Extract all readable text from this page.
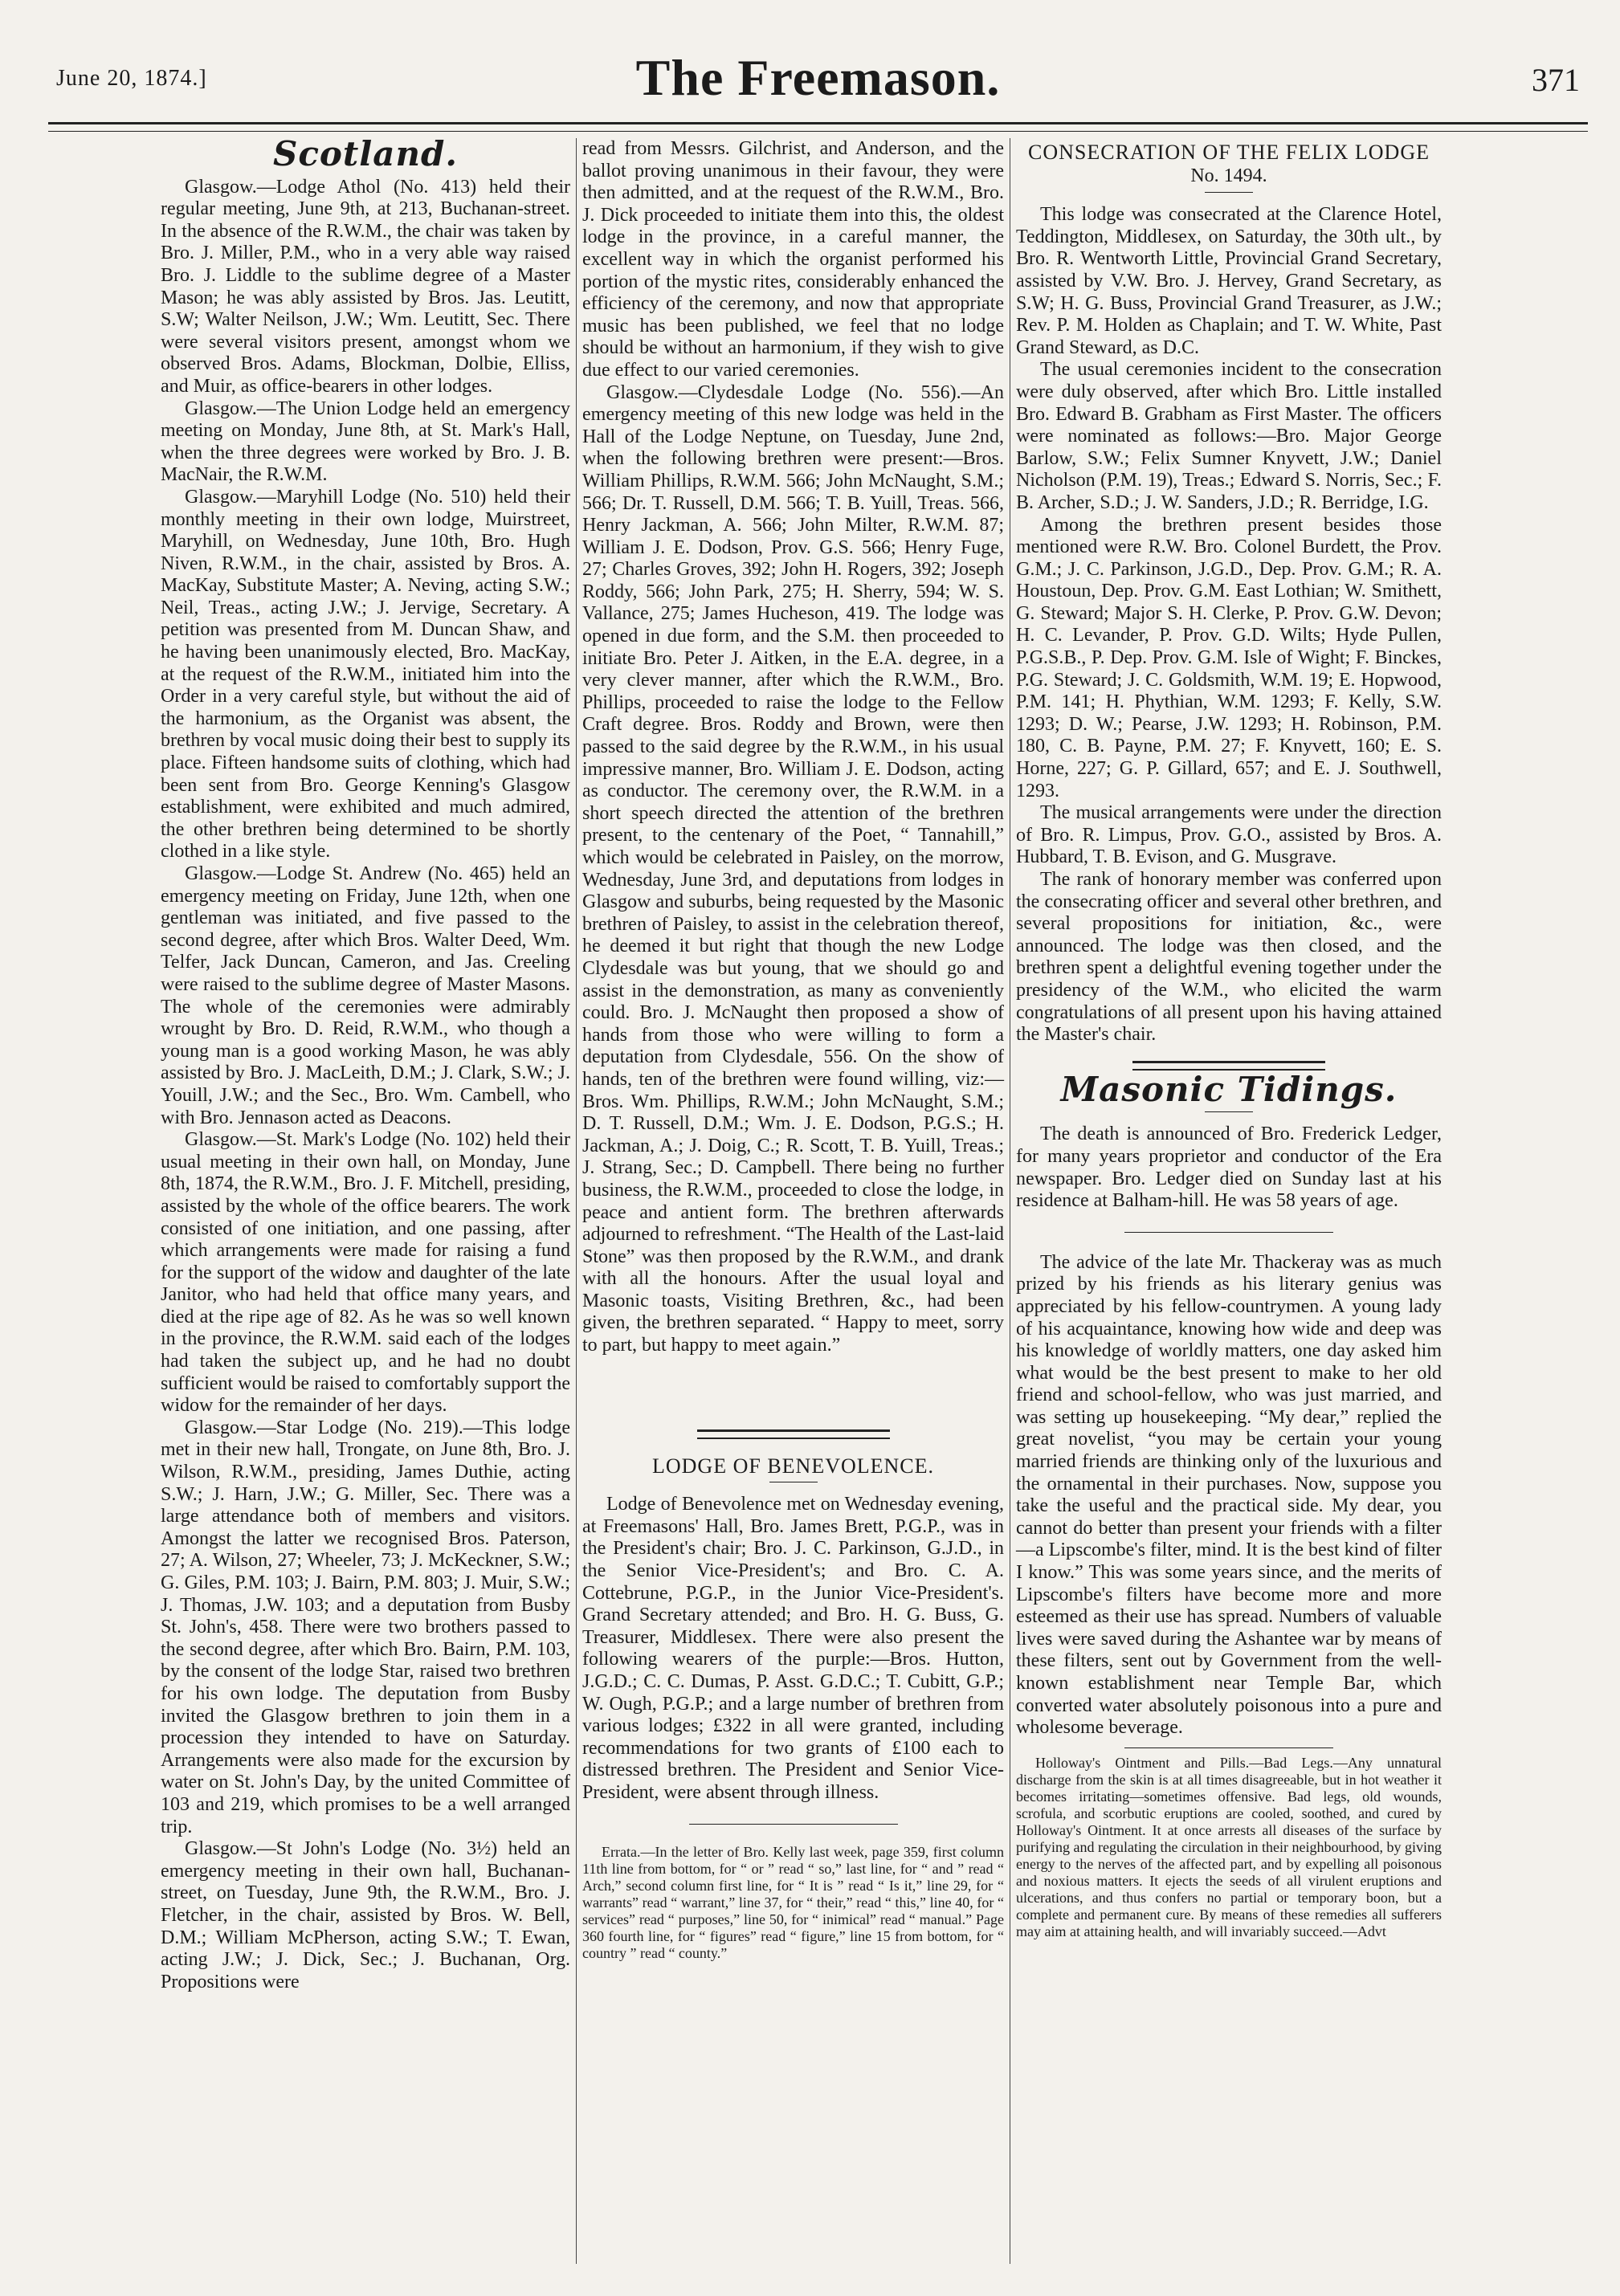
June 20, 1874.]	The Freemason.	371
Scotland.

Glasgow.—Lodge Athol (No. 413) held their regular meeting, June 9th, at 213, Buchanan-street. In the absence of the R.W.M., the chair was taken by Bro. J. Miller, P.M., who in a very able way raised Bro. J. Liddle to the sublime degree of a Master Mason; he was ably assisted by Bros. Jas. Leutitt, S.W; Walter Neilson, J.W.; Wm. Leutitt, Sec. There were several visitors present, amongst whom we observed Bros. Adams, Blockman, Dolbie, Elliss, and Muir, as office-bearers in other lodges.

Glasgow.—The Union Lodge held an emergency meeting on Monday, June 8th, at St. Mark's Hall, when the three degrees were worked by Bro. J. B. MacNair, the R.W.M.

Glasgow.—Maryhill Lodge (No. 510) held their monthly meeting in their own lodge, Muirstreet, Maryhill, on Wednesday, June 10th, Bro. Hugh Niven, R.W.M., in the chair, assisted by Bros. A. MacKay, Substitute Master; A. Neving, acting S.W.; Neil, Treas., acting J.W.; J. Jervige, Secretary. A petition was presented from M. Duncan Shaw, and he having been unanimously elected, Bro. MacKay, at the request of the R.W.M., initiated him into the Order in a very careful style, but without the aid of the harmonium, as the Organist was absent, the brethren by vocal music doing their best to supply its place. Fifteen handsome suits of clothing, which had been sent from Bro. George Kenning's Glasgow establishment, were exhibited and much admired, the other brethren being determined to be shortly clothed in a like style.

Glasgow.—Lodge St. Andrew (No. 465) held an emergency meeting on Friday, June 12th, when one gentleman was initiated, and five passed to the second degree, after which Bros. Walter Deed, Wm. Telfer, Jack Duncan, Cameron, and Jas. Creeling were raised to the sublime degree of Master Masons. The whole of the ceremonies were admirably wrought by Bro. D. Reid, R.W.M., who though a young man is a good working Mason, he was ably assisted by Bro. J. MacLeith, D.M.; J. Clark, S.W.; J. Youill, J.W.; and the Sec., Bro. Wm. Cambell, who with Bro. Jennason acted as Deacons.

Glasgow.—St. Mark's Lodge (No. 102) held their usual meeting in their own hall, on Monday, June 8th, 1874, the R.W.M., Bro. J. F. Mitchell, presiding, assisted by the whole of the office bearers. The work consisted of one initiation, and one passing, after which arrangements were made for raising a fund for the support of the widow and daughter of the late Janitor, who had held that office many years, and died at the ripe age of 82. As he was so well known in the province, the R.W.M. said each of the lodges had taken the subject up, and he had no doubt sufficient would be raised to comfortably support the widow for the remainder of her days.

Glasgow.—Star Lodge (No. 219).—This lodge met in their new hall, Trongate, on June 8th, Bro. J. Wilson, R.W.M., presiding, James Duthie, acting S.W.; J. Harn, J.W.; G. Miller, Sec. There was a large attendance both of members and visitors. Amongst the latter we recognised Bros. Paterson, 27; A. Wilson, 27; Wheeler, 73; J. McKeckner, S.W.; G. Giles, P.M. 103; J. Bairn, P.M. 803; J. Muir, S.W.; J. Thomas, J.W. 103; and a deputation from Busby St. John's, 458. There were two brothers passed to the second degree, after which Bro. Bairn, P.M. 103, by the consent of the lodge Star, raised two brethren for his own lodge. The deputation from Busby invited the Glasgow brethren to join them in a procession they intended to have on Saturday. Arrangements were also made for the excursion by water on St. John's Day, by the united Committee of 103 and 219, which promises to be a well arranged trip.

Glasgow.—St John's Lodge (No. 3½) held an emergency meeting in their own hall, Buchanan-street, on Tuesday, June 9th, the R.W.M., Bro. J. Fletcher, in the chair, assisted by Bros. W. Bell, D.M.; William McPherson, acting S.W.; T. Ewan, acting J.W.; J. Dick, Sec.; J. Buchanan, Org. Propositions were

read from Messrs. Gilchrist, and Anderson, and the ballot proving unanimous in their favour, they were then admitted, and at the request of the R.W.M., Bro. J. Dick proceeded to initiate them into this, the oldest lodge in the province, in a careful manner, the excellent way in which the organist performed his portion of the mystic rites, considerably enhanced the efficiency of the ceremony, and now that appropriate music has been published, we feel that no lodge should be without an harmonium, if they wish to give due effect to our varied ceremonies.

Glasgow.—Clydesdale Lodge (No. 556).—An emergency meeting of this new lodge was held in the Hall of the Lodge Neptune, on Tuesday, June 2nd, when the following brethren were present:—Bros. William Phillips, R.W.M. 566; John McNaught, S.M.; 566; Dr. T. Russell, D.M. 566; T. B. Yuill, Treas. 566, Henry Jackman, A. 566; John Milter, R.W.M. 87; William J. E. Dodson, Prov. G.S. 566; Henry Fuge, 27; Charles Groves, 392; John H. Rogers, 392; Joseph Roddy, 566; John Park, 275; H. Sherry, 594; W. S. Vallance, 275; James Hucheson, 419. The lodge was opened in due form, and the S.M. then proceeded to initiate Bro. Peter J. Aitken, in the E.A. degree, in a very clever manner, after which the R.W.M., Bro. Phillips, proceeded to raise the lodge to the Fellow Craft degree. Bros. Roddy and Brown, were then passed to the said degree by the R.W.M., in his usual impressive manner, Bro. William J. E. Dodson, acting as conductor. The ceremony over, the R.W.M. in a short speech directed the attention of the brethren present, to the centenary of the Poet, “ Tannahill,” which would be celebrated in Paisley, on the morrow, Wednesday, June 3rd, and deputations from lodges in Glasgow and suburbs, being requested by the Masonic brethren of Paisley, to assist in the celebration thereof, he deemed it but right that though the new Lodge Clydesdale was but young, that we should go and assist in the demonstration, as many as conveniently could. Bro. J. McNaught then proposed a show of hands from those who were willing to form a deputation from Clydesdale, 556. On the show of hands, ten of the brethren were found willing, viz:—Bros. Wm. Phillips, R.W.M.; John McNaught, S.M.; D. T. Russell, D.M.; Wm. J. E. Dodson, P.G.S.; H. Jackman, A.; J. Doig, C.; R. Scott, T. B. Yuill, Treas.; J. Strang, Sec.; D. Campbell. There being no further business, the R.W.M., proceeded to close the lodge, in peace and antient form. The brethren afterwards adjourned to refreshment. “The Health of the Last-laid Stone” was then proposed by the R.W.M., and drank with all the honours. After the usual loyal and Masonic toasts, Visiting Brethren, &c., had been given, the brethren separated. “ Happy to meet, sorry to part, but happy to meet again.”

LODGE OF BENEVOLENCE.

Lodge of Benevolence met on Wednesday evening, at Freemasons' Hall, Bro. James Brett, P.G.P., was in the President's chair; Bro. J. C. Parkinson, G.J.D., in the Senior Vice-President's; and Bro. C. A. Cottebrune, P.G.P., in the Junior Vice-President's. Grand Secretary attended; and Bro. H. G. Buss, G. Treasurer, Middlesex. There were also present the following wearers of the purple:—Bros. Hutton, J.G.D.; C. C. Dumas, P. Asst. G.D.C.; T. Cubitt, G.P.; W. Ough, P.G.P.; and a large number of brethren from various lodges; £322 in all were granted, including recommendations for two grants of £100 each to distressed brethren. The President and Senior Vice-President, were absent through illness.

Errata.—In the letter of Bro. Kelly last week, page 359, first column 11th line from bottom, for “ or ” read “ so,” last line, for “ and ” read “ Arch,” second column first line, for “ It is ” read “ Is it,” line 29, for “ warrants” read “ warrant,” line 37, for “ their,” read “ this,” line 40, for “ services” read “ purposes,” line 50, for “ inimical” read “ manual.” Page 360 fourth line, for “ figures” read “ figure,” line 15 from bottom, for “ country ” read “ county.”

CONSECRATION OF THE FELIX LODGE
No. 1494.

This lodge was consecrated at the Clarence Hotel, Teddington, Middlesex, on Saturday, the 30th ult., by Bro. R. Wentworth Little, Provincial Grand Secretary, assisted by V.W. Bro. J. Hervey, Grand Secretary, as S.W; H. G. Buss, Provincial Grand Treasurer, as J.W.; Rev. P. M. Holden as Chaplain; and T. W. White, Past Grand Steward, as D.C.

The usual ceremonies incident to the consecration were duly observed, after which Bro. Little installed Bro. Edward B. Grabham as First Master. The officers were nominated as follows:—Bro. Major George Barlow, S.W.; Felix Sumner Knyvett, J.W.; Daniel Nicholson (P.M. 19), Treas.; Edward S. Norris, Sec.; F. B. Archer, S.D.; J. W. Sanders, J.D.; R. Berridge, I.G.

Among the brethren present besides those mentioned were R.W. Bro. Colonel Burdett, the Prov. G.M.; J. C. Parkinson, J.G.D., Dep. Prov. G.M.; R. A. Houstoun, Dep. Prov. G.M. East Lothian; W. Smithett, G. Steward; Major S. H. Clerke, P. Prov. G.W. Devon; H. C. Levander, P. Prov. G.D. Wilts; Hyde Pullen, P.G.S.B., P. Dep. Prov. G.M. Isle of Wight; F. Binckes, P.G. Steward; J. C. Goldsmith, W.M. 19; E. Hopwood, P.M. 141; H. Phythian, W.M. 1293; F. Kelly, S.W. 1293; D. W.; Pearse, J.W. 1293; H. Robinson, P.M. 180, C. B. Payne, P.M. 27; F. Knyvett, 160; E. S. Horne, 227; G. P. Gillard, 657; and E. J. Southwell, 1293.

The musical arrangements were under the direction of Bro. R. Limpus, Prov. G.O., assisted by Bros. A. Hubbard, T. B. Evison, and G. Musgrave.

The rank of honorary member was conferred upon the consecrating officer and several other brethren, and several propositions for initiation, &c., were announced. The lodge was then closed, and the brethren spent a delightful evening together under the presidency of the W.M., who elicited the warm congratulations of all present upon his having attained the Master's chair.

Masonic Tidings.

The death is announced of Bro. Frederick Ledger, for many years proprietor and conductor of the Era newspaper. Bro. Ledger died on Sunday last at his residence at Balham-hill. He was 58 years of age.

The advice of the late Mr. Thackeray was as much prized by his friends as his literary genius was appreciated by his fellow-countrymen. A young lady of his acquaintance, knowing how wide and deep was his knowledge of worldly matters, one day asked him what would be the best present to make to her old friend and school-fellow, who was just married, and was setting up housekeeping. “My dear,” replied the great novelist, “you may be certain your young married friends are thinking only of the luxurious and the ornamental in their purchases. Now, suppose you take the useful and the practical side. My dear, you cannot do better than present your friends with a filter—a Lipscombe's filter, mind. It is the best kind of filter I know.” This was some years since, and the merits of Lipscombe's filters have become more and more esteemed as their use has spread. Numbers of valuable lives were saved during the Ashantee war by means of these filters, sent out by Government from the well-known establishment near Temple Bar, which converted water absolutely poisonous into a pure and wholesome beverage.

Holloway's Ointment and Pills.—Bad Legs.—Any unnatural discharge from the skin is at all times disagreeable, but in hot weather it becomes irritating—sometimes offensive. Bad legs, old wounds, scrofula, and scorbutic eruptions are cooled, soothed, and cured by Holloway's Ointment. It at once arrests all diseases of the surface by purifying and regulating the circulation in their neighbourhood, by giving energy to the nerves of the affected part, and by expelling all poisonous and noxious matters. It ejects the seeds of all virulent eruptions and ulcerations, and thus confers no partial or temporary boon, but a complete and permanent cure. By means of these remedies all sufferers may aim at attaining health, and will invariably succeed.—Advt
